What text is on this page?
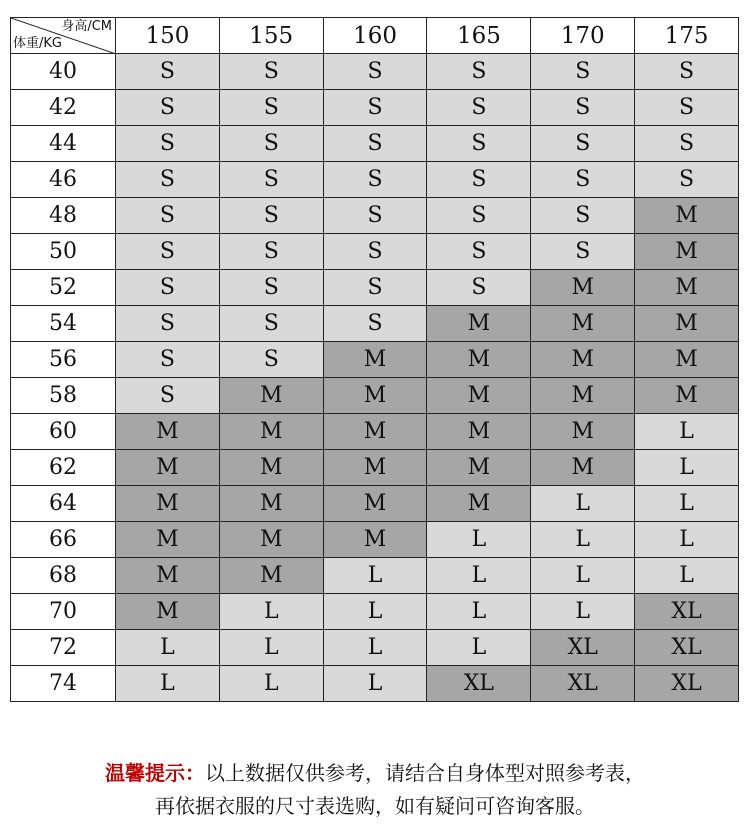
身高/CM
体重/KG	150	155	160	165	170	175
40	S	S	S	S	S	S
42	S	S	S	S	S	S
44	S	S	S	S	S	S
46	S	S	S	S	S	S
48	S	S	S	S	S	M
50	S	S	S	S	S	M
52	S	S	S	S	M	M
54	S	S	S	M	M	M
56	S	S	M	M	M	M
58	S	M	M	M	M	M
60	M	M	M	M	M	L
62	M	M	M	M	M	L
64	M	M	M	M	L	L
66	M	M	M	L	L	L
68	M	M	L	L	L	L
70	M	L	L	L	L	XL
72	L	L	L	L	XL	XL
74	L	L	L	XL	XL	XL
温馨提示：以上数据仅供参考，请结合自身体型对照参考表，
再依据衣服的尺寸表选购，如有疑问可咨询客服。
